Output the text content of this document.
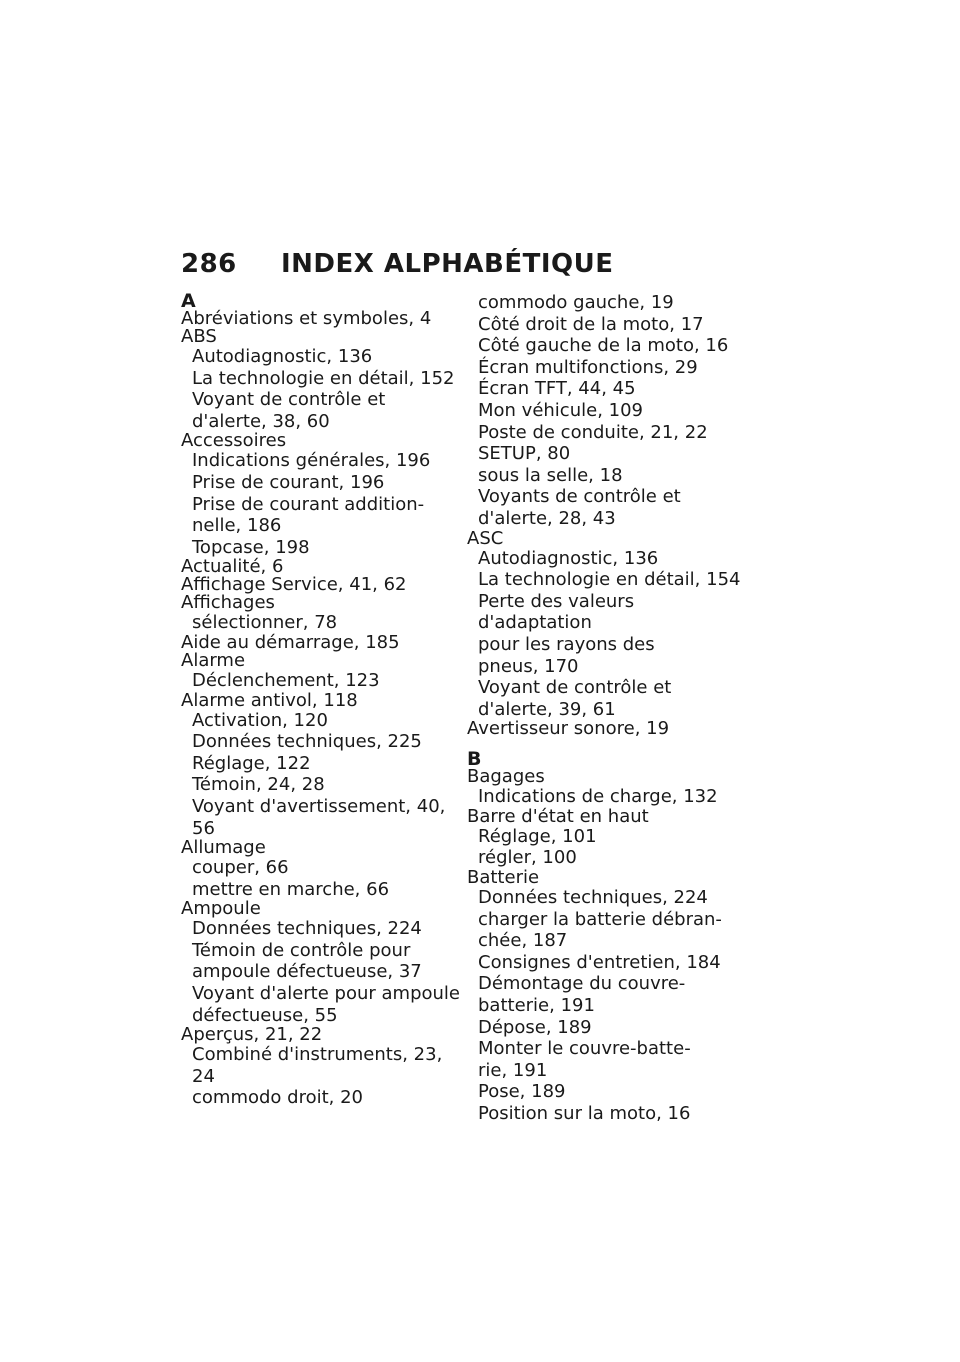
286	INDEX ALPHABÉTIQUE
A
Abréviations et symboles, 4
ABS
Autodiagnostic, 136
La technologie en détail, 152
Voyant de contrôle et
d'alerte, 38, 60
Accessoires
Indications générales, 196
Prise de courant, 196
Prise de courant addition-
nelle, 186
Topcase, 198
Actualité, 6
Affichage Service, 41, 62
Affichages
sélectionner, 78
Aide au démarrage, 185
Alarme
Déclenchement, 123
Alarme antivol, 118
Activation, 120
Données techniques, 225
Réglage, 122
Témoin, 24, 28
Voyant d'avertissement, 40,
56
Allumage
couper, 66
mettre en marche, 66
Ampoule
Données techniques, 224
Témoin de contrôle pour
ampoule défectueuse, 37
Voyant d'alerte pour ampoule
défectueuse, 55
Aperçus, 21, 22
Combiné d'instruments, 23,
24
commodo droit, 20
commodo gauche, 19
Côté droit de la moto, 17
Côté gauche de la moto, 16
Écran multifonctions, 29
Écran TFT, 44, 45
Mon véhicule, 109
Poste de conduite, 21, 22
SETUP, 80
sous la selle, 18
Voyants de contrôle et
d'alerte, 28, 43
ASC
Autodiagnostic, 136
La technologie en détail, 154
Perte des valeurs d'adaptation
pour les rayons des
pneus, 170
Voyant de contrôle et
d'alerte, 39, 61
Avertisseur sonore, 19
B
Bagages
Indications de charge, 132
Barre d'état en haut
Réglage, 101
régler, 100
Batterie
Données techniques, 224
charger la batterie débran-
chée, 187
Consignes d'entretien, 184
Démontage du couvre-
batterie, 191
Dépose, 189
Monter le couvre-batte-
rie, 191
Pose, 189
Position sur la moto, 16
